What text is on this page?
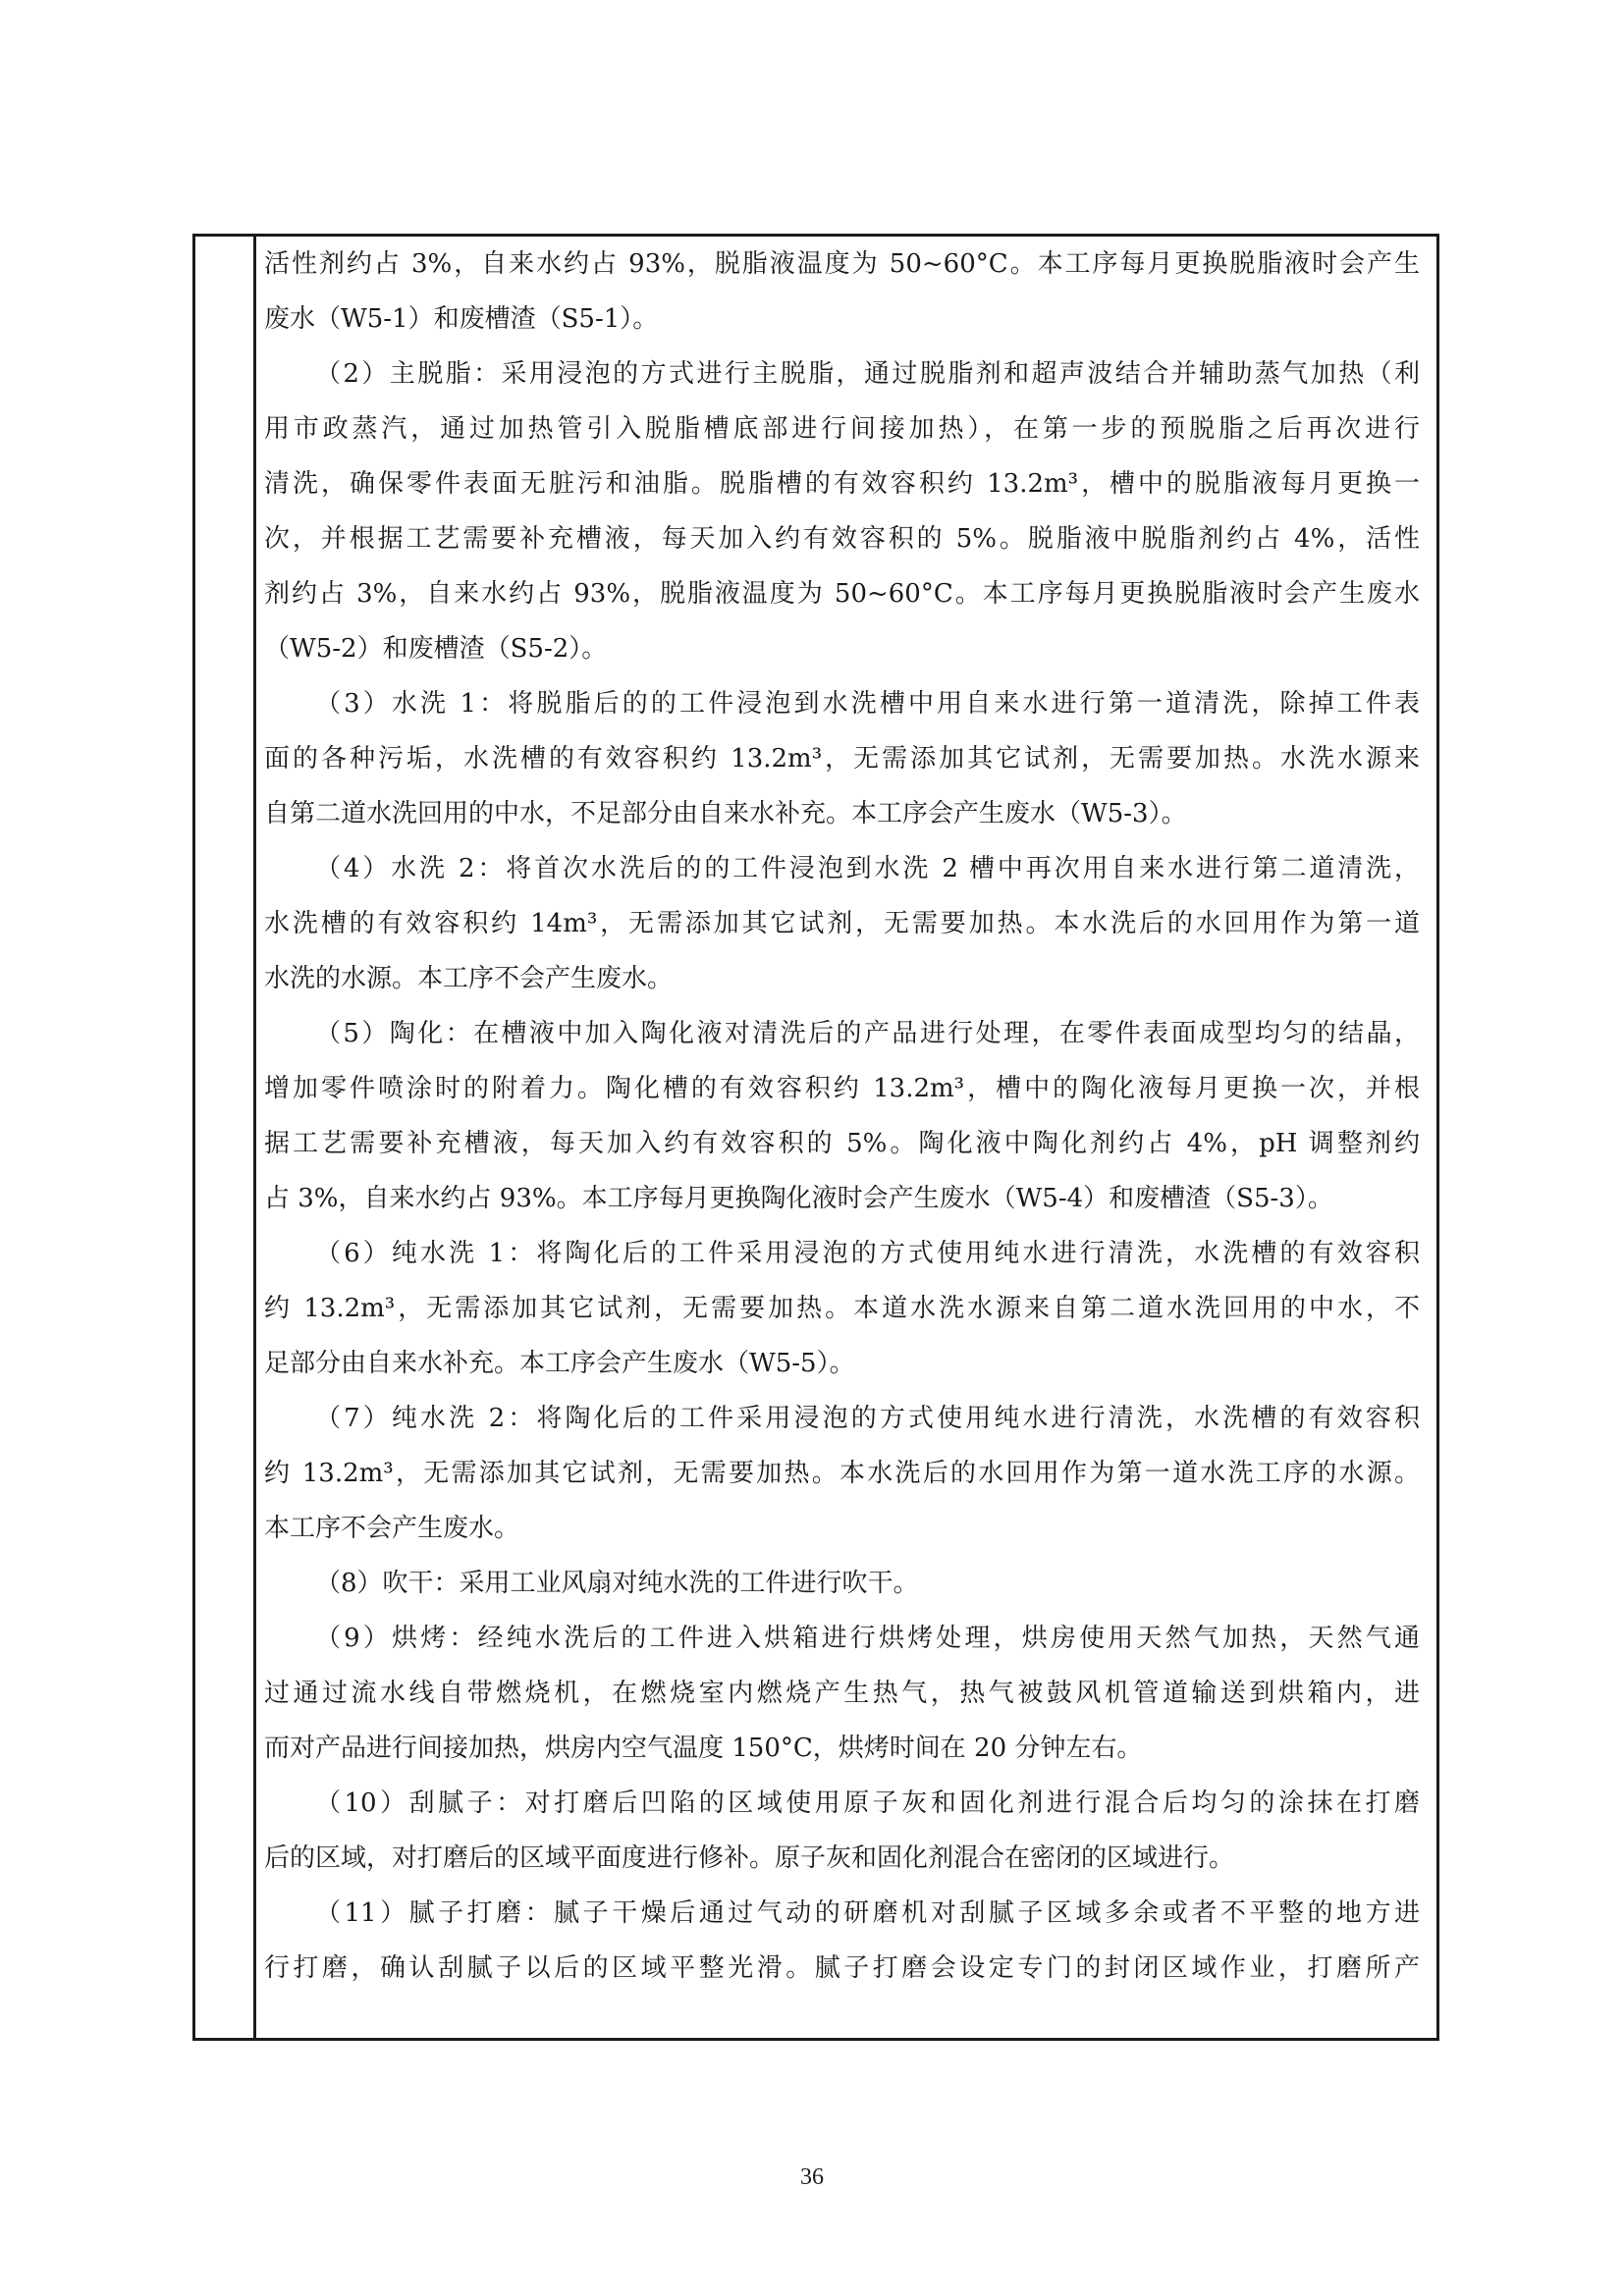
活性剂约占 3%，自来水约占 93%，脱脂液温度为 50~60°C。本工序每月更换脱脂液时会产生
废水（W5-1）和废槽渣（S5-1）。
（2）主脱脂：采用浸泡的方式进行主脱脂，通过脱脂剂和超声波结合并辅助蒸气加热（利
用市政蒸汽，通过加热管引入脱脂槽底部进行间接加热），在第一步的预脱脂之后再次进行
清洗，确保零件表面无脏污和油脂。脱脂槽的有效容积约 13.2m³，槽中的脱脂液每月更换一
次，并根据工艺需要补充槽液，每天加入约有效容积的 5%。脱脂液中脱脂剂约占 4%，活性
剂约占 3%，自来水约占 93%，脱脂液温度为 50~60°C。本工序每月更换脱脂液时会产生废水
（W5-2）和废槽渣（S5-2）。
（3）水洗 1：将脱脂后的的工件浸泡到水洗槽中用自来水进行第一道清洗，除掉工件表
面的各种污垢，水洗槽的有效容积约 13.2m³，无需添加其它试剂，无需要加热。水洗水源来
自第二道水洗回用的中水，不足部分由自来水补充。本工序会产生废水（W5-3）。
（4）水洗 2：将首次水洗后的的工件浸泡到水洗 2 槽中再次用自来水进行第二道清洗，
水洗槽的有效容积约 14m³，无需添加其它试剂，无需要加热。本水洗后的水回用作为第一道
水洗的水源。本工序不会产生废水。
（5）陶化：在槽液中加入陶化液对清洗后的产品进行处理，在零件表面成型均匀的结晶，
增加零件喷涂时的附着力。陶化槽的有效容积约 13.2m³，槽中的陶化液每月更换一次，并根
据工艺需要补充槽液，每天加入约有效容积的 5%。陶化液中陶化剂约占 4%，pH 调整剂约
占 3%，自来水约占 93%。本工序每月更换陶化液时会产生废水（W5-4）和废槽渣（S5-3）。
（6）纯水洗 1：将陶化后的工件采用浸泡的方式使用纯水进行清洗，水洗槽的有效容积
约 13.2m³，无需添加其它试剂，无需要加热。本道水洗水源来自第二道水洗回用的中水，不
足部分由自来水补充。本工序会产生废水（W5-5）。
（7）纯水洗 2：将陶化后的工件采用浸泡的方式使用纯水进行清洗，水洗槽的有效容积
约 13.2m³，无需添加其它试剂，无需要加热。本水洗后的水回用作为第一道水洗工序的水源。
本工序不会产生废水。
（8）吹干：采用工业风扇对纯水洗的工件进行吹干。
（9）烘烤：经纯水洗后的工件进入烘箱进行烘烤处理，烘房使用天然气加热，天然气通
过通过流水线自带燃烧机，在燃烧室内燃烧产生热气，热气被鼓风机管道输送到烘箱内，进
而对产品进行间接加热，烘房内空气温度 150°C，烘烤时间在 20 分钟左右。
（10）刮腻子：对打磨后凹陷的区域使用原子灰和固化剂进行混合后均匀的涂抹在打磨
后的区域，对打磨后的区域平面度进行修补。原子灰和固化剂混合在密闭的区域进行。
（11）腻子打磨：腻子干燥后通过气动的研磨机对刮腻子区域多余或者不平整的地方进
行打磨，确认刮腻子以后的区域平整光滑。腻子打磨会设定专门的封闭区域作业，打磨所产
36
